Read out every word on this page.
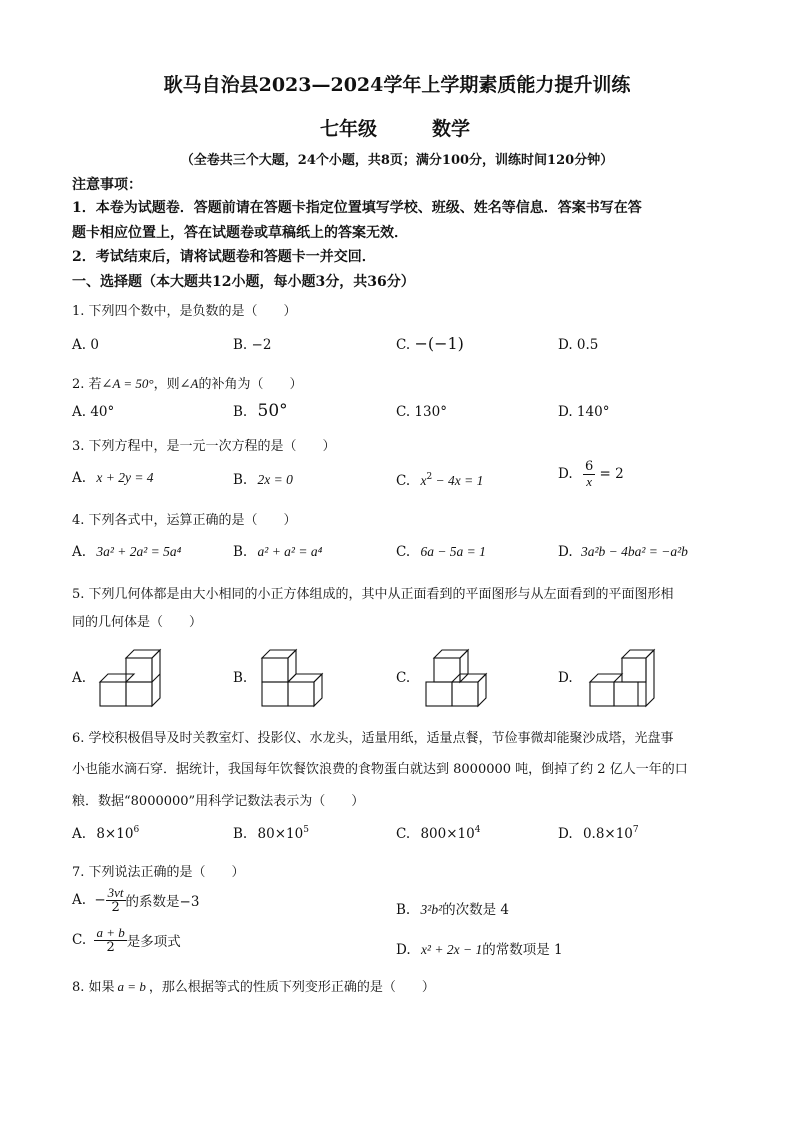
耿马自治县2023—2024学年上学期素质能力提升训练
七年级	数学
（全卷共三个大题，24个小题，共8页；满分100分，训练时间120分钟）
注意事项：
1．本卷为试题卷．答题前请在答题卡指定位置填写学校、班级、姓名等信息．答案书写在答
题卡相应位置上，答在试题卷或草稿纸上的答案无效．
2．考试结束后，请将试题卷和答题卡一并交回．
一、选择题（本大题共12小题，每小题3分，共36分）
1. 下列四个数中，是负数的是（　　）
A. 0	B. −2	C. −(−1)	D. 0.5
2. 若∠A = 50°，则∠A的补角为（　　）
A. 40°	B. 50°	C. 130°	D. 140°
3. 下列方程中，是一元一次方程的是（　　）
A. x + 2y = 4	B. 2x = 0	C. $x^2 - 4x = 1$	D. $\frac{6}{x} = 2$
4. 下列各式中，运算正确的是（　　）
A. 3a² + 2a² = 5a⁴	B. a² + a² = a⁴	C. 6a − 5a = 1	D. 3a²b − 4ba² = −a²b
5. 下列几何体都是由大小相同的小正方体组成的，其中从正面看到的平面图形与从左面看到的平面图形相
同的几何体是（　　）
A.	B.	C.	D.
6. 学校积极倡导及时关教室灯、投影仪、水龙头，适量用纸，适量点餐，节俭事微却能聚沙成塔，光盘事
小也能水滴石穿．据统计，我国每年饮餐饮浪费的食物蛋白就达到 8000000 吨，倒掉了约 2 亿人一年的口
粮．数据“8000000”用科学记数法表示为（　　）
A. $8\times 10^6$	B. $80\times 10^5$	C. $800\times 10^4$	D. $0.8\times 10^7$
7. 下列说法正确的是（　　）
A. − $\frac{3vt}{2}$ 的系数是−3	B. 3²b²的次数是 4
C. $\frac{a + b}{2}$ 是多项式	D. x² + 2x − 1的常数项是 1
8. 如果 a = b ，那么根据等式的性质下列变形正确的是（　　）
